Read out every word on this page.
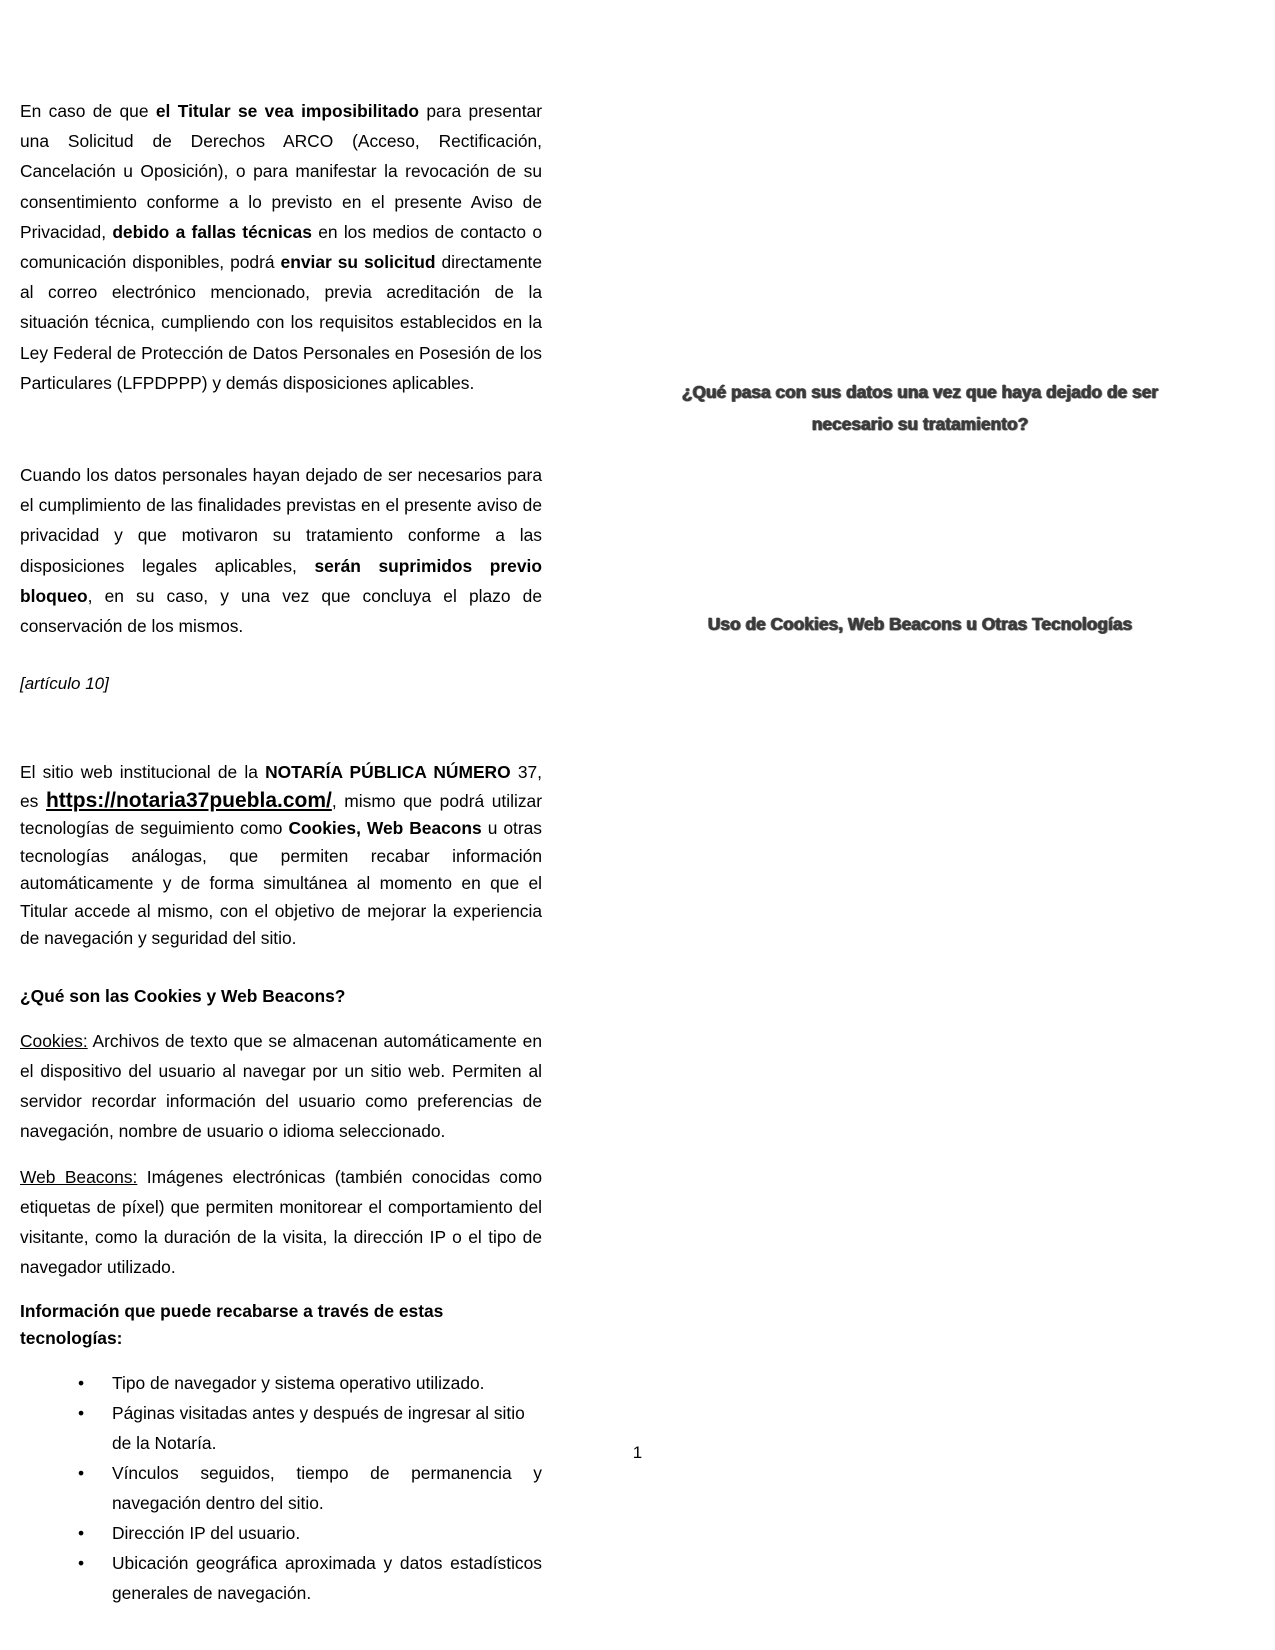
En caso de que el Titular se vea imposibilitado para presentar una Solicitud de Derechos ARCO (Acceso, Rectificación, Cancelación u Oposición), o para manifestar la revocación de su consentimiento conforme a lo previsto en el presente Aviso de Privacidad, debido a fallas técnicas en los medios de contacto o comunicación disponibles, podrá enviar su solicitud directamente al correo electrónico mencionado, previa acreditación de la situación técnica, cumpliendo con los requisitos establecidos en la Ley Federal de Protección de Datos Personales en Posesión de los Particulares (LFPDPPP) y demás disposiciones aplicables.

Cuando los datos personales hayan dejado de ser necesarios para el cumplimiento de las finalidades previstas en el presente aviso de privacidad y que motivaron su tratamiento conforme a las disposiciones legales aplicables, serán suprimidos previo bloqueo, en su caso, y una vez que concluya el plazo de conservación de los mismos.

[artículo 10]

El sitio web institucional de la NOTARÍA PÚBLICA NÚMERO 37, es https://notaria37puebla.com/, mismo que podrá utilizar tecnologías de seguimiento como Cookies, Web Beacons u otras tecnologías análogas, que permiten recabar información automáticamente y de forma simultánea al momento en que el Titular accede al mismo, con el objetivo de mejorar la experiencia de navegación y seguridad del sitio.

¿Qué son las Cookies y Web Beacons?

Cookies: Archivos de texto que se almacenan automáticamente en el dispositivo del usuario al navegar por un sitio web. Permiten al servidor recordar información del usuario como preferencias de navegación, nombre de usuario o idioma seleccionado.

Web Beacons: Imágenes electrónicas (también conocidas como etiquetas de píxel) que permiten monitorear el comportamiento del visitante, como la duración de la visita, la dirección IP o el tipo de navegador utilizado.

Información que puede recabarse a través de estas tecnologías:

• Tipo de navegador y sistema operativo utilizado.
• Páginas visitadas antes y después de ingresar al sitio de la Notaría.
• Vínculos seguidos, tiempo de permanencia y navegación dentro del sitio.
• Dirección IP del usuario.
• Ubicación geográfica aproximada y datos estadísticos generales de navegación.

¿Qué pasa con sus datos una vez que haya dejado de ser necesario su tratamiento?

Uso de Cookies, Web Beacons u Otras Tecnologías

1
